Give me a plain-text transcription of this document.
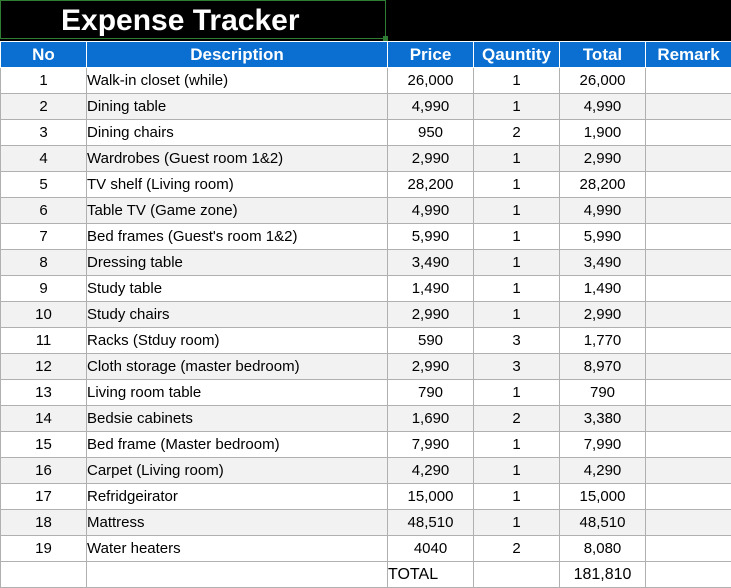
Expense Tracker
No	Description	Price	Qauntity	Total	Remark
1	Walk-in closet (while)	26,000	1	26,000	
2	Dining table	4,990	1	4,990	
3	Dining chairs	950	2	1,900	
4	Wardrobes (Guest room 1&2)	2,990	1	2,990	
5	TV shelf (Living room)	28,200	1	28,200	
6	Table TV (Game zone)	4,990	1	4,990	
7	Bed frames (Guest's room 1&2)	5,990	1	5,990	
8	Dressing table	3,490	1	3,490	
9	Study table	1,490	1	1,490	
10	Study chairs	2,990	1	2,990	
11	Racks (Stduy room)	590	3	1,770	
12	Cloth storage (master bedroom)	2,990	3	8,970	
13	Living room table	790	1	790	
14	Bedsie cabinets	1,690	2	3,380	
15	Bed frame (Master bedroom)	7,990	1	7,990	
16	Carpet (Living room)	4,290	1	4,290	
17	Refridgeirator	15,000	1	15,000	
18	Mattress	48,510	1	48,510	
19	Water heaters	4040	2	8,080	
		TOTAL		181,810	
